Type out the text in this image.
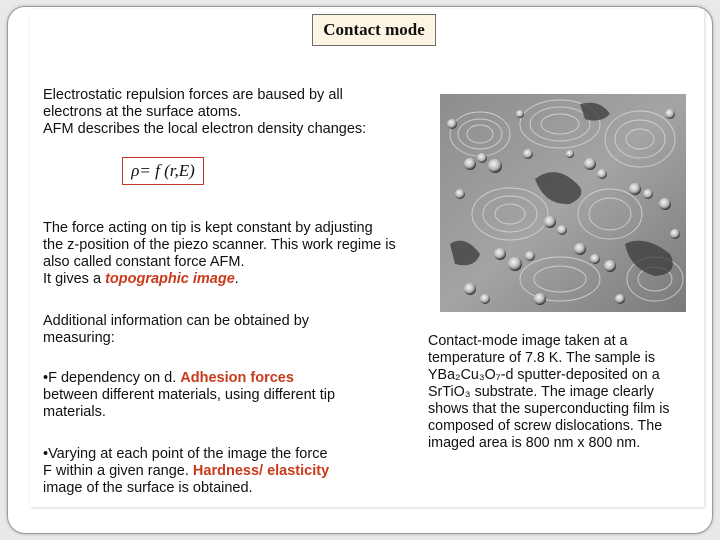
Contact mode

Electrostatic repulsion forces are baused by all

electrons at the surface atoms.

AFM describes the local electron density changes:

ρ= f (r,E)

The force acting on tip is kept constant by adjusting

the z-position of the piezo scanner. This work regime is

also called constant force AFM.

It gives a topographic image.

Additional information can be obtained by

measuring:

•F dependency on d. Adhesion forces

between different materials, using different tip

materials.

•Varying at each point of the image the force

F within a given range. Hardness/ elasticity

image of the surface is obtained.

Contact-mode image taken at a

temperature of 7.8 K. The sample is

YBa₂Cu₃O₇-d sputter-deposited on a

SrTiO₃ substrate. The image clearly

shows that the superconducting film is

composed of screw dislocations. The

imaged area is 800 nm x 800 nm.
